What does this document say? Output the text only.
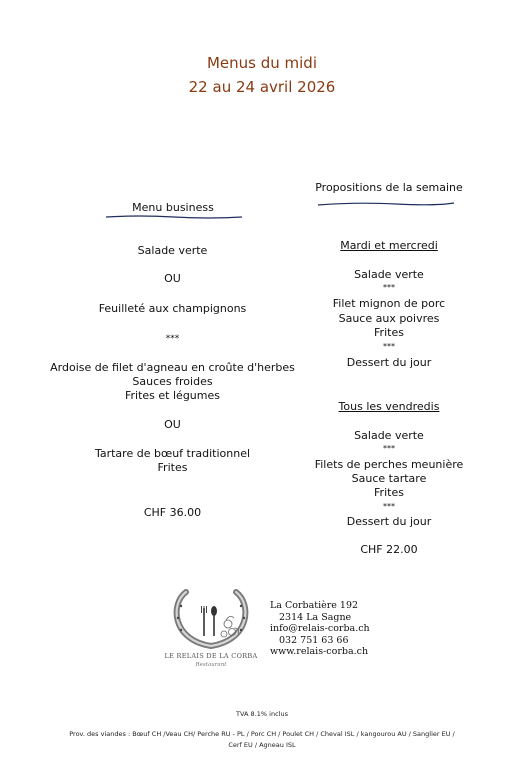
Menus du midi
22 au 24 avril 2026
Menu business
Salade verte
OU
Feuilleté aux champignons
***
Ardoise de filet d'agneau en croûte d'herbes
Sauces froides
Frites et légumes
OU
Tartare de bœuf traditionnel
Frites
CHF 36.00
Propositions de la semaine
Mardi et mercredi
Salade verte
***
Filet mignon de porc
Sauce aux poivres
Frites
***
Dessert du jour
Tous les vendredis
Salade verte
***
Filets de perches meunière
Sauce tartare
Frites
***
Dessert du jour
CHF 22.00
LE RELAIS DE LA CORBA
Restaurant
La Corbatière 192
2314 La Sagne
info@relais-corba.ch
032 751 63 66
www.relais-corba.ch
TVA 8.1% inclus
Prov. des viandes : Bœuf CH /Veau CH/ Perche RU - PL / Porc CH / Poulet CH / Cheval ISL / kangourou AU / Sanglier EU /
Cerf EU / Agneau ISL
